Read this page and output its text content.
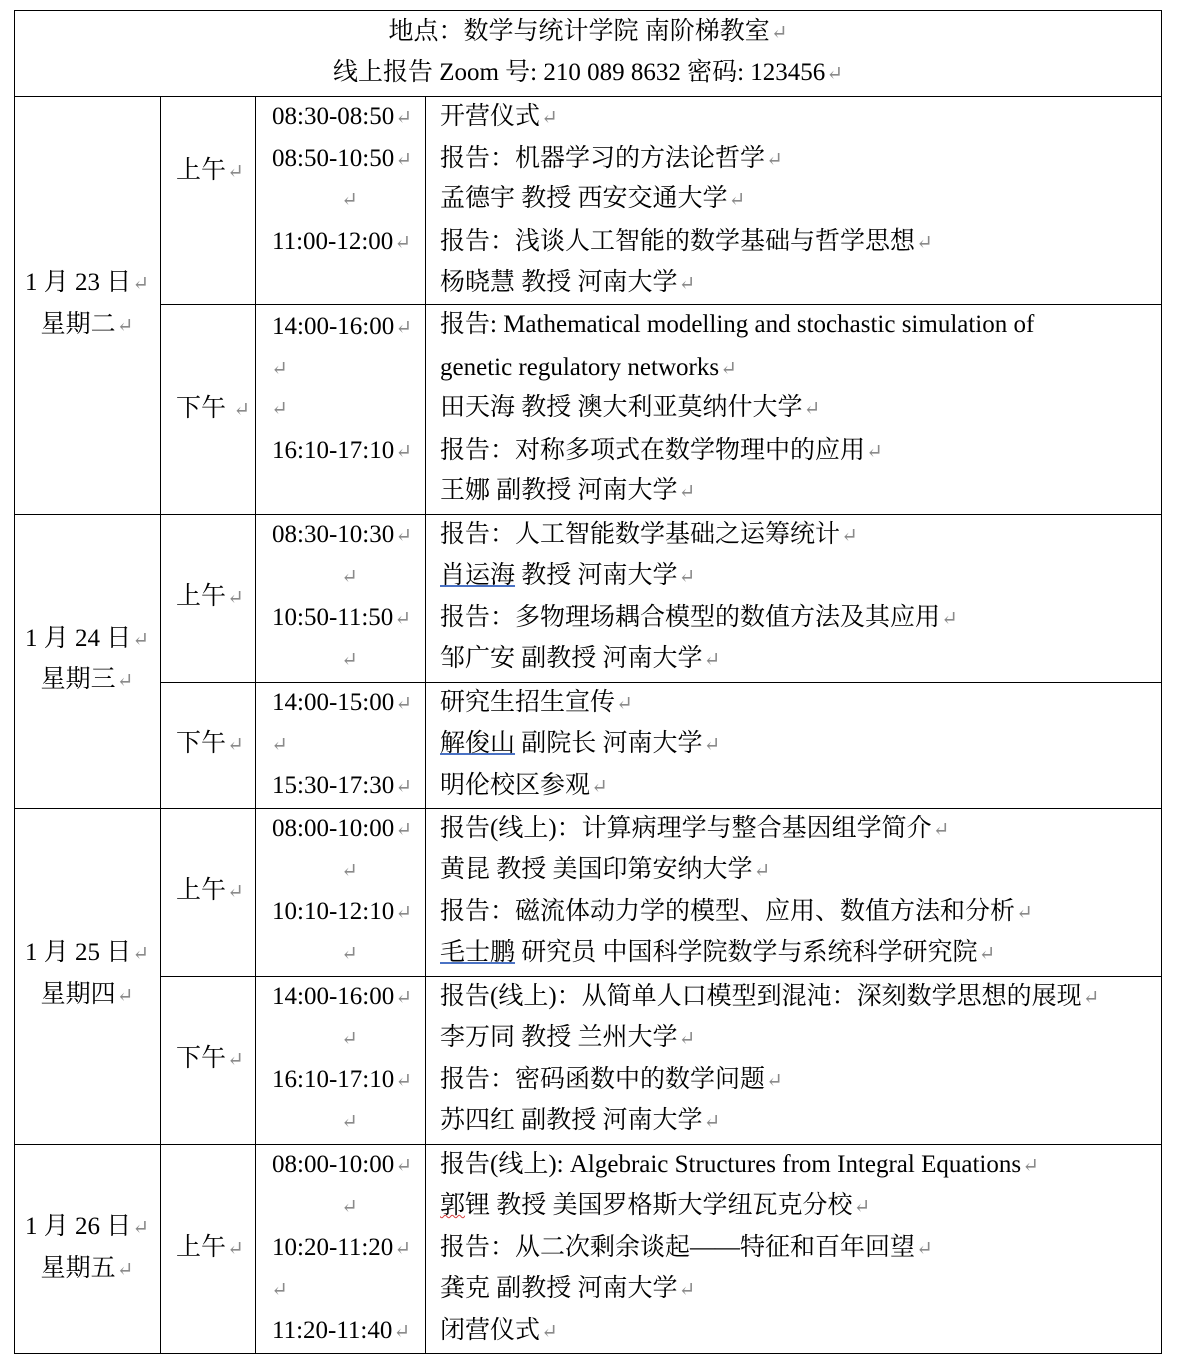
地点：数学与统计学院 南阶梯教室↵
线上报告 Zoom 号: 210 089 8632 密码: 123456↵
1 月 23 日↵
星期二↵
上午↵
08:30-08:50↵
08:50-10:50↵
↵
11:00-12:00↵
开营仪式↵
报告：机器学习的方法论哲学↵
孟德宇 教授 西安交通大学↵
报告：浅谈人工智能的数学基础与哲学思想↵
杨晓慧 教授 河南大学↵
下午 ↵
14:00-16:00↵
↵
↵
16:10-17:10↵
报告: Mathematical modelling and stochastic simulation of
genetic regulatory networks↵
田天海 教授 澳大利亚莫纳什大学↵
报告：对称多项式在数学物理中的应用↵
王娜 副教授 河南大学↵
1 月 24 日↵
星期三↵
上午↵
08:30-10:30↵
↵
10:50-11:50↵
↵
报告：人工智能数学基础之运筹统计↵
肖运海 教授 河南大学↵
报告：多物理场耦合模型的数值方法及其应用↵
邹广安 副教授 河南大学↵
下午↵
14:00-15:00↵
↵
15:30-17:30↵
研究生招生宣传↵
解俊山 副院长 河南大学↵
明伦校区参观↵
1 月 25 日↵
星期四↵
上午↵
08:00-10:00↵
↵
10:10-12:10↵
↵
报告(线上)：计算病理学与整合基因组学简介↵
黄昆 教授 美国印第安纳大学↵
报告：磁流体动力学的模型、应用、数值方法和分析↵
毛士鹏 研究员 中国科学院数学与系统科学研究院↵
下午↵
14:00-16:00↵
↵
16:10-17:10↵
↵
报告(线上)：从简单人口模型到混沌：深刻数学思想的展现↵
李万同 教授 兰州大学↵
报告：密码函数中的数学问题↵
苏四红 副教授 河南大学↵
1 月 26 日↵
星期五↵
上午↵
08:00-10:00↵
↵
10:20-11:20↵
↵
11:20-11:40↵
报告(线上): Algebraic Structures from Integral Equations↵
郭锂 教授 美国罗格斯大学纽瓦克分校↵
报告：从二次剩余谈起——特征和百年回望↵
龚克 副教授 河南大学↵
闭营仪式↵
